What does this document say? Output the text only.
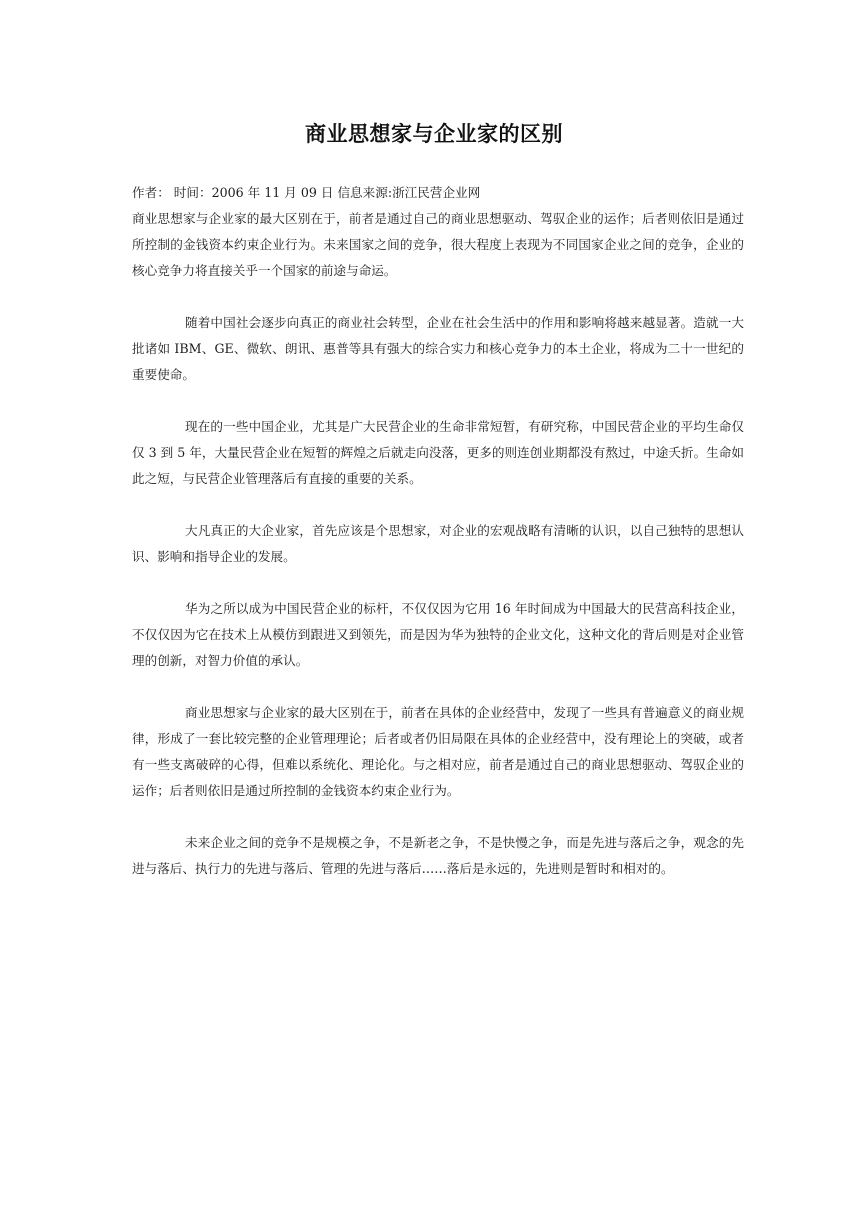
商业思想家与企业家的区别

作者： 时间：2006 年 11 月 09 日 信息来源:浙江民营企业网

商业思想家与企业家的最大区别在于，前者是通过自己的商业思想驱动、驾驭企业的运作；后者则依旧是通过所控制的金钱资本约束企业行为。未来国家之间的竞争，很大程度上表现为不同国家企业之间的竞争，企业的核心竞争力将直接关乎一个国家的前途与命运。

随着中国社会逐步向真正的商业社会转型，企业在社会生活中的作用和影响将越来越显著。造就一大批诸如 IBM、GE、微软、朗讯、惠普等具有强大的综合实力和核心竞争力的本土企业，将成为二十一世纪的重要使命。

现在的一些中国企业，尤其是广大民营企业的生命非常短暂，有研究称，中国民营企业的平均生命仅仅 3 到 5 年，大量民营企业在短暂的辉煌之后就走向没落，更多的则连创业期都没有熬过，中途夭折。生命如此之短，与民营企业管理落后有直接的重要的关系。

大凡真正的大企业家，首先应该是个思想家，对企业的宏观战略有清晰的认识，以自己独特的思想认识、影响和指导企业的发展。

华为之所以成为中国民营企业的标杆，不仅仅因为它用 16 年时间成为中国最大的民营高科技企业，不仅仅因为它在技术上从模仿到跟进又到领先，而是因为华为独特的企业文化，这种文化的背后则是对企业管理的创新，对智力价值的承认。

商业思想家与企业家的最大区别在于，前者在具体的企业经营中，发现了一些具有普遍意义的商业规律，形成了一套比较完整的企业管理理论；后者或者仍旧局限在具体的企业经营中，没有理论上的突破，或者有一些支离破碎的心得，但难以系统化、理论化。与之相对应，前者是通过自己的商业思想驱动、驾驭企业的运作；后者则依旧是通过所控制的金钱资本约束企业行为。

未来企业之间的竞争不是规模之争，不是新老之争，不是快慢之争，而是先进与落后之争，观念的先进与落后、执行力的先进与落后、管理的先进与落后……落后是永远的，先进则是暂时和相对的。
